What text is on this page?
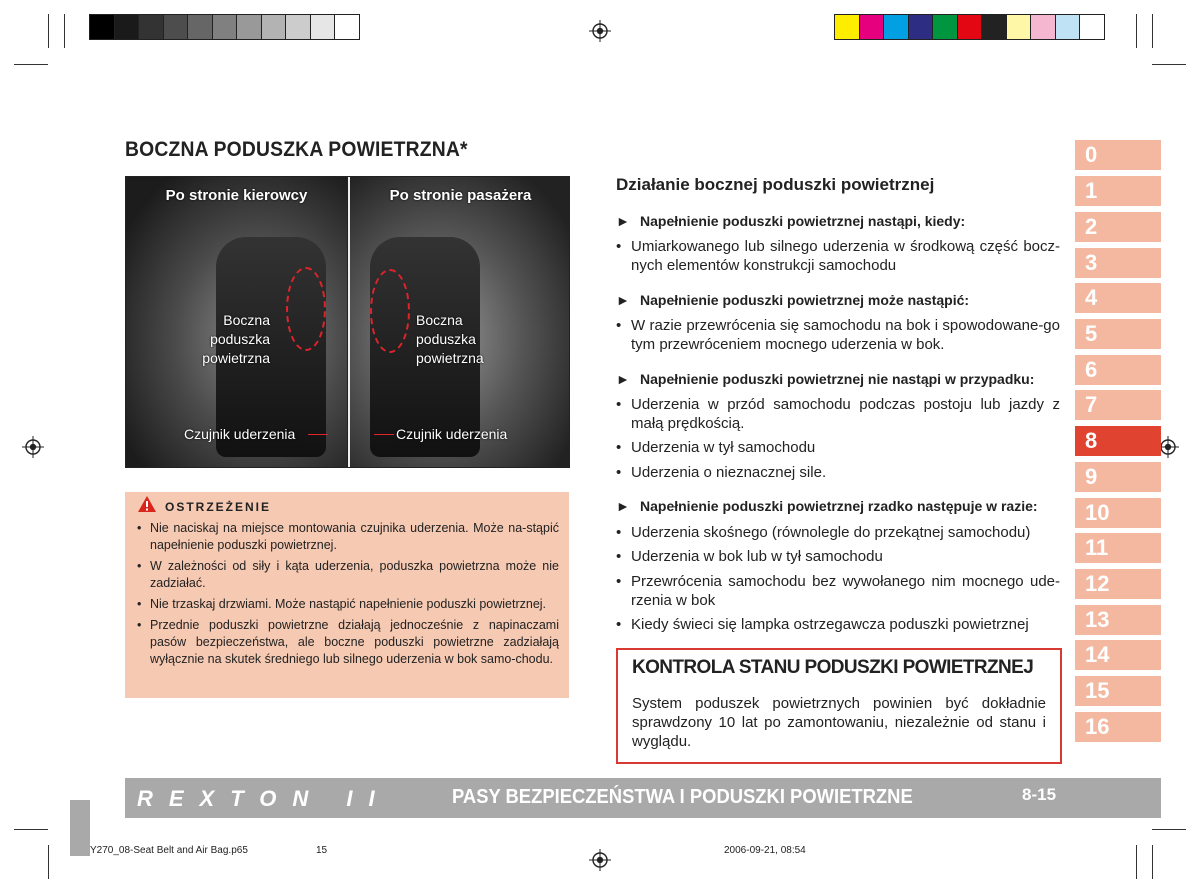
BOCZNA PODUSZKA POWIETRZNA*
Po stronie kierowcy
Boczna
poduszka
powietrzna
Czujnik uderzenia
Po stronie pasażera
Boczna
poduszka
powietrzna
Czujnik uderzenia
OSTRZEŻENIE
• Nie naciskaj na miejsce montowania czujnika uderzenia. Może na-stąpić napełnienie poduszki powietrznej.
• W zależności od siły i kąta uderzenia, poduszka powietrzna może nie zadziałać.
• Nie trzaskaj drzwiami. Może nastąpić napełnienie poduszki powietrznej.
• Przednie poduszki powietrzne działają jednocześnie z napinaczami pasów bezpieczeństwa, ale boczne poduszki powietrzne zadziałają wyłącznie na skutek średniego lub silnego uderzenia w bok samo-chodu.
Działanie bocznej poduszki powietrznej
► Napełnienie poduszki powietrznej nastąpi, kiedy:
• Umiarkowanego lub silnego uderzenia w środkową część bocz-nych elementów konstrukcji samochodu
► Napełnienie poduszki powietrznej może nastąpić:
• W razie przewrócenia się samochodu na bok i spowodowane-go tym przewróceniem mocnego uderzenia w bok.
► Napełnienie poduszki powietrznej nie nastąpi w przypadku:
• Uderzenia w przód samochodu podczas postoju lub jazdy z małą prędkością.
• Uderzenia w tył samochodu
• Uderzenia o nieznacznej sile.
► Napełnienie poduszki powietrznej rzadko następuje w razie:
• Uderzenia skośnego (równolegle do przekątnej samochodu)
• Uderzenia w bok lub w tył samochodu
• Przewrócenia samochodu bez wywołanego nim mocnego ude-rzenia w bok
• Kiedy świeci się lampka ostrzegawcza poduszki powietrznej
KONTROLA STANU PODUSZKI POWIETRZNEJ
System poduszek powietrznych powinien być dokładnie sprawdzony 10 lat po zamontowaniu, niezależnie od stanu i wyglądu.
0
1
2
3
4
5
6
7
8
9
10
11
12
13
14
15
16
REXTON II	PASY BEZPIECZEŃSTWA I PODUSZKI POWIETRZNE	8-15
Y270_08-Seat Belt and Air Bag.p65	15	2006-09-21, 08:54
